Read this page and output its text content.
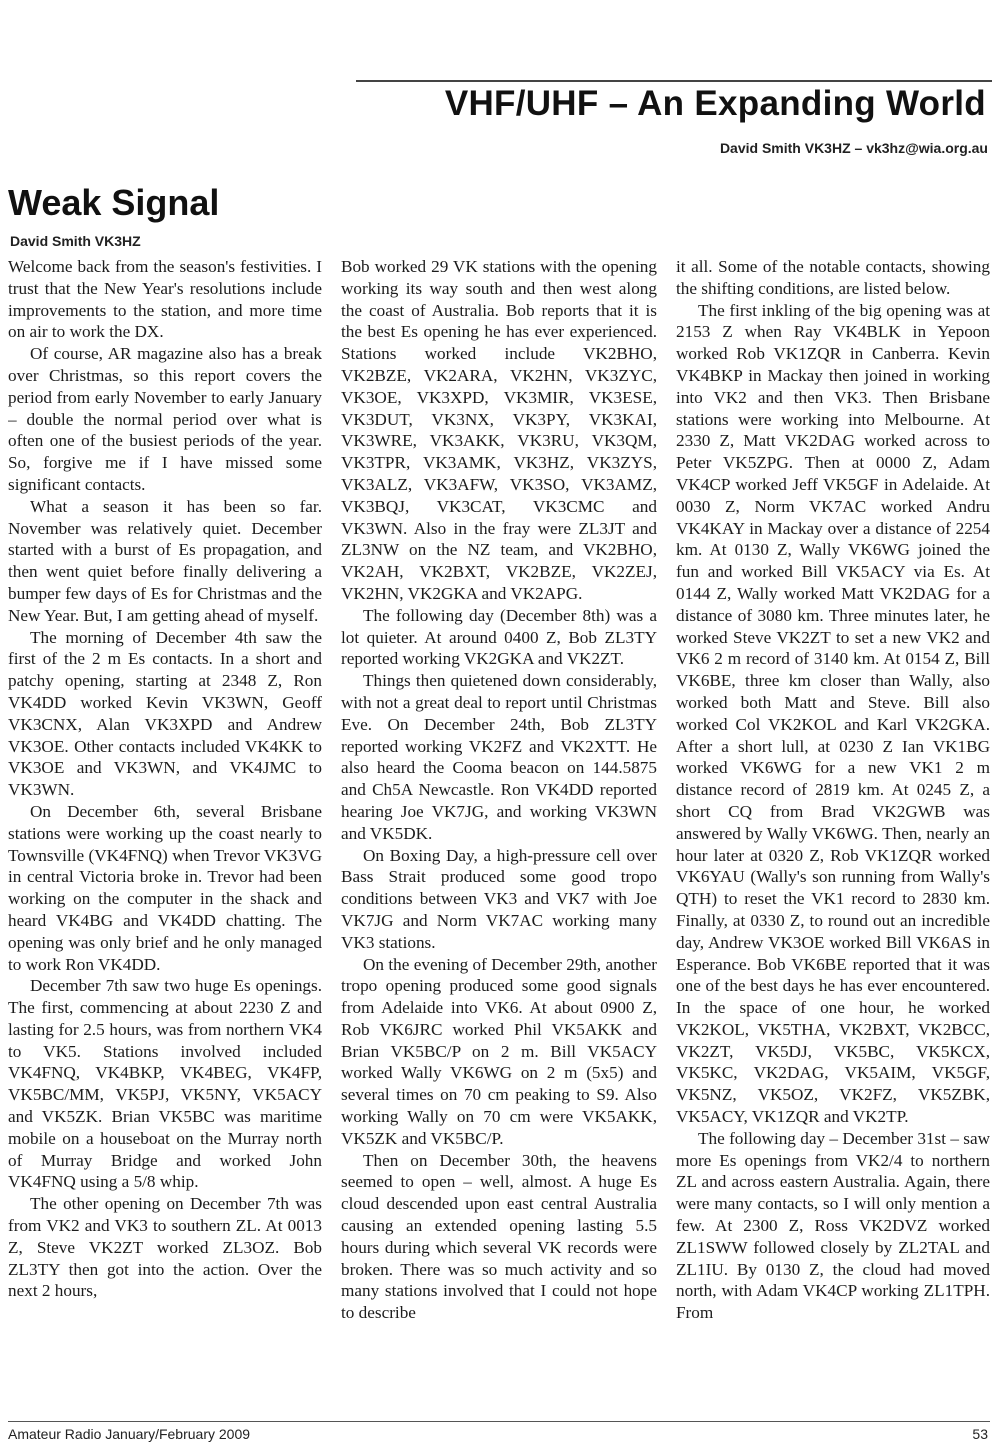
VHF/UHF – An Expanding World
David Smith VK3HZ – vk3hz@wia.org.au
Weak Signal
David Smith VK3HZ

Welcome back from the season's festivities. I trust that the New Year's resolutions include improvements to the station, and more time on air to work the DX.

Of course, AR magazine also has a break over Christmas, so this report covers the period from early November to early January – double the normal period over what is often one of the busiest periods of the year. So, forgive me if I have missed some significant contacts.

What a season it has been so far. November was relatively quiet. December started with a burst of Es propagation, and then went quiet before finally delivering a bumper few days of Es for Christmas and the New Year. But, I am getting ahead of myself.

The morning of December 4th saw the first of the 2 m Es contacts. In a short and patchy opening, starting at 2348 Z, Ron VK4DD worked Kevin VK3WN, Geoff VK3CNX, Alan VK3XPD and Andrew VK3OE. Other contacts included VK4KK to VK3OE and VK3WN, and VK4JMC to VK3WN.

On December 6th, several Brisbane stations were working up the coast nearly to Townsville (VK4FNQ) when Trevor VK3VG in central Victoria broke in. Trevor had been working on the computer in the shack and heard VK4BG and VK4DD chatting. The opening was only brief and he only managed to work Ron VK4DD.

December 7th saw two huge Es openings. The first, commencing at about 2230 Z and lasting for 2.5 hours, was from northern VK4 to VK5. Stations involved included VK4FNQ, VK4BKP, VK4BEG, VK4FP, VK5BC/MM, VK5PJ, VK5NY, VK5ACY and VK5ZK. Brian VK5BC was maritime mobile on a houseboat on the Murray north of Murray Bridge and worked John VK4FNQ using a 5/8 whip.

The other opening on December 7th was from VK2 and VK3 to southern ZL. At 0013 Z, Steve VK2ZT worked ZL3OZ. Bob ZL3TY then got into the action. Over the next 2 hours,

Bob worked 29 VK stations with the opening working its way south and then west along the coast of Australia. Bob reports that it is the best Es opening he has ever experienced. Stations worked include VK2BHO, VK2BZE, VK2ARA, VK2HN, VK3ZYC, VK3OE, VK3XPD, VK3MIR, VK3ESE, VK3DUT, VK3NX, VK3PY, VK3KAI, VK3WRE, VK3AKK, VK3RU, VK3QM, VK3TPR, VK3AMK, VK3HZ, VK3ZYS, VK3ALZ, VK3AFW, VK3SO, VK3AMZ, VK3BQJ, VK3CAT, VK3CMC and VK3WN. Also in the fray were ZL3JT and ZL3NW on the NZ team, and VK2BHO, VK2AH, VK2BXT, VK2BZE, VK2ZEJ, VK2HN, VK2GKA and VK2APG.

The following day (December 8th) was a lot quieter. At around 0400 Z, Bob ZL3TY reported working VK2GKA and VK2ZT.

Things then quietened down considerably, with not a great deal to report until Christmas Eve. On December 24th, Bob ZL3TY reported working VK2FZ and VK2XTT. He also heard the Cooma beacon on 144.5875 and Ch5A Newcastle. Ron VK4DD reported hearing Joe VK7JG, and working VK3WN and VK5DK.

On Boxing Day, a high-pressure cell over Bass Strait produced some good tropo conditions between VK3 and VK7 with Joe VK7JG and Norm VK7AC working many VK3 stations.

On the evening of December 29th, another tropo opening produced some good signals from Adelaide into VK6. At about 0900 Z, Rob VK6JRC worked Phil VK5AKK and Brian VK5BC/P on 2 m. Bill VK5ACY worked Wally VK6WG on 2 m (5x5) and several times on 70 cm peaking to S9. Also working Wally on 70 cm were VK5AKK, VK5ZK and VK5BC/P.

Then on December 30th, the heavens seemed to open – well, almost. A huge Es cloud descended upon east central Australia causing an extended opening lasting 5.5 hours during which several VK records were broken. There was so much activity and so many stations involved that I could not hope to describe

it all. Some of the notable contacts, showing the shifting conditions, are listed below.

The first inkling of the big opening was at 2153 Z when Ray VK4BLK in Yepoon worked Rob VK1ZQR in Canberra. Kevin VK4BKP in Mackay then joined in working into VK2 and then VK3. Then Brisbane stations were working into Melbourne. At 2330 Z, Matt VK2DAG worked across to Peter VK5ZPG. Then at 0000 Z, Adam VK4CP worked Jeff VK5GF in Adelaide. At 0030 Z, Norm VK7AC worked Andru VK4KAY in Mackay over a distance of 2254 km. At 0130 Z, Wally VK6WG joined the fun and worked Bill VK5ACY via Es. At 0144 Z, Wally worked Matt VK2DAG for a distance of 3080 km. Three minutes later, he worked Steve VK2ZT to set a new VK2 and VK6 2 m record of 3140 km. At 0154 Z, Bill VK6BE, three km closer than Wally, also worked both Matt and Steve. Bill also worked Col VK2KOL and Karl VK2GKA. After a short lull, at 0230 Z Ian VK1BG worked VK6WG for a new VK1 2 m distance record of 2819 km. At 0245 Z, a short CQ from Brad VK2GWB was answered by Wally VK6WG. Then, nearly an hour later at 0320 Z, Rob VK1ZQR worked VK6YAU (Wally's son running from Wally's QTH) to reset the VK1 record to 2830 km. Finally, at 0330 Z, to round out an incredible day, Andrew VK3OE worked Bill VK6AS in Esperance. Bob VK6BE reported that it was one of the best days he has ever encountered. In the space of one hour, he worked VK2KOL, VK5THA, VK2BXT, VK2BCC, VK2ZT, VK5DJ, VK5BC, VK5KCX, VK5KC, VK2DAG, VK5AIM, VK5GF, VK5NZ, VK5OZ, VK2FZ, VK5ZBK, VK5ACY, VK1ZQR and VK2TP.

The following day – December 31st – saw more Es openings from VK2/4 to northern ZL and across eastern Australia. Again, there were many contacts, so I will only mention a few. At 2300 Z, Ross VK2DVZ worked ZL1SWW followed closely by ZL2TAL and ZL1IU. By 0130 Z, the cloud had moved north, with Adam VK4CP working ZL1TPH. From

Amateur Radio January/February 2009	53
